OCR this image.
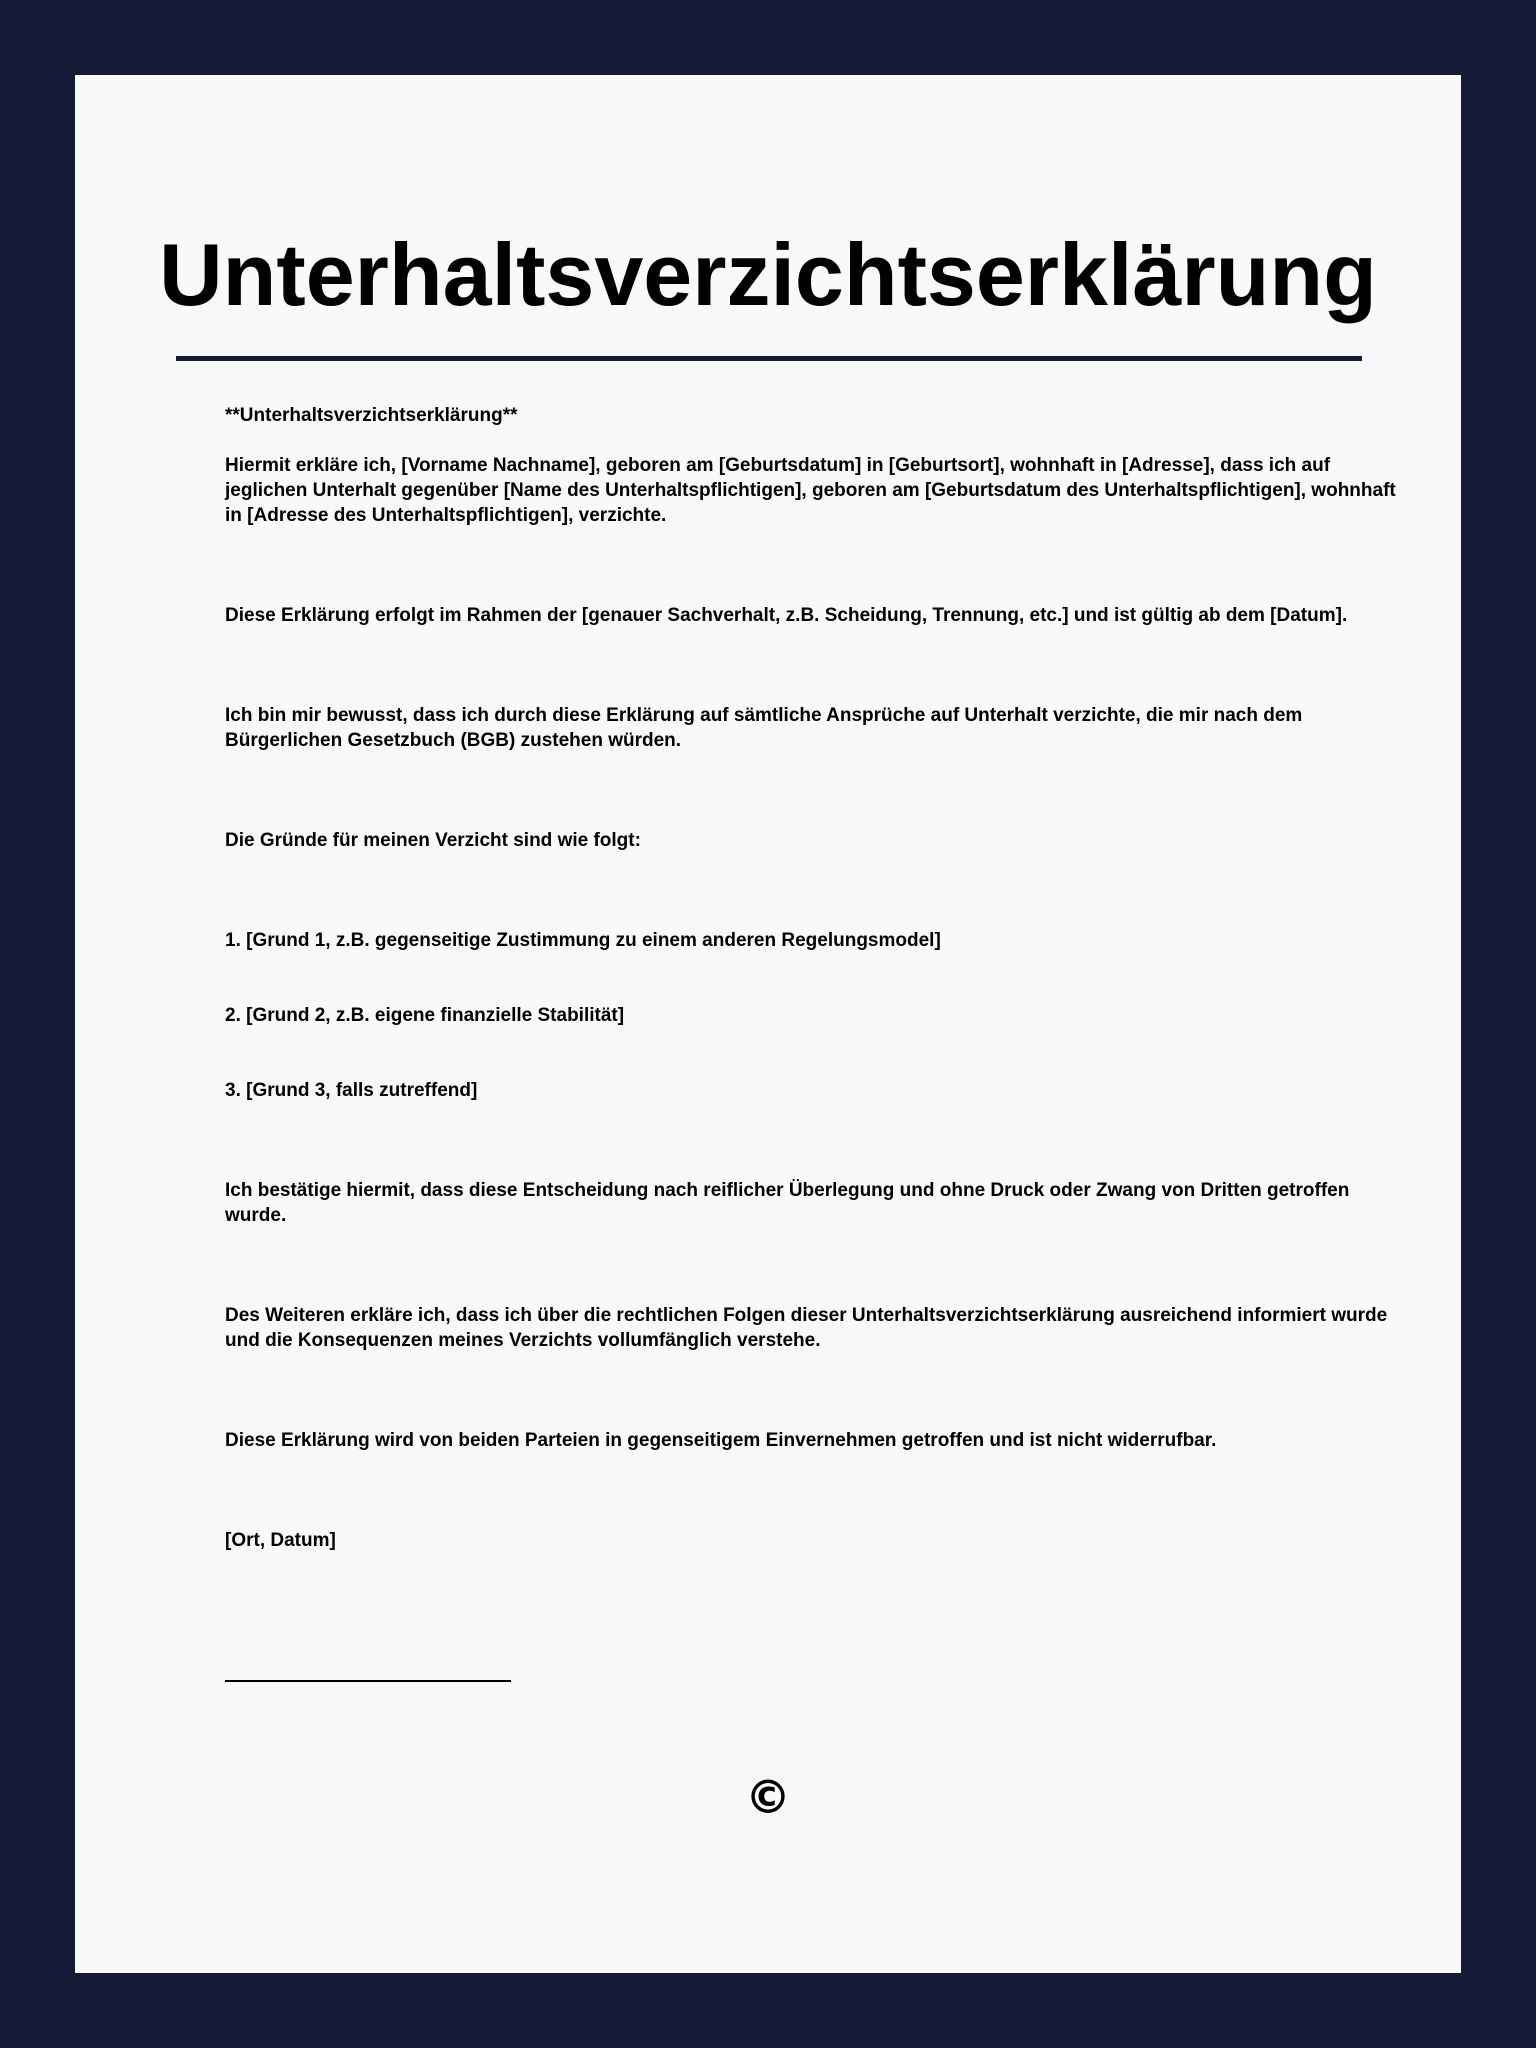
Unterhaltsverzichtserklärung

**Unterhaltsverzichtserklärung**

Hiermit erkläre ich, [Vorname Nachname], geboren am [Geburtsdatum] in [Geburtsort], wohnhaft in [Adresse], dass ich auf jeglichen Unterhalt gegenüber [Name des Unterhaltspflichtigen], geboren am [Geburtsdatum des Unterhaltspflichtigen], wohnhaft in [Adresse des Unterhaltspflichtigen], verzichte.

Diese Erklärung erfolgt im Rahmen der [genauer Sachverhalt, z.B. Scheidung, Trennung, etc.] und ist gültig ab dem [Datum].

Ich bin mir bewusst, dass ich durch diese Erklärung auf sämtliche Ansprüche auf Unterhalt verzichte, die mir nach dem Bürgerlichen Gesetzbuch (BGB) zustehen würden.

Die Gründe für meinen Verzicht sind wie folgt:

1. [Grund 1, z.B. gegenseitige Zustimmung zu einem anderen Regelungsmodel]

2. [Grund 2, z.B. eigene finanzielle Stabilität]

3. [Grund 3, falls zutreffend]

Ich bestätige hiermit, dass diese Entscheidung nach reiflicher Überlegung und ohne Druck oder Zwang von Dritten getroffen wurde.

Des Weiteren erkläre ich, dass ich über die rechtlichen Folgen dieser Unterhaltsverzichtserklärung ausreichend informiert wurde und die Konsequenzen meines Verzichts vollumfänglich verstehe.

Diese Erklärung wird von beiden Parteien in gegenseitigem Einvernehmen getroffen und ist nicht widerrufbar.

[Ort, Datum]

©
